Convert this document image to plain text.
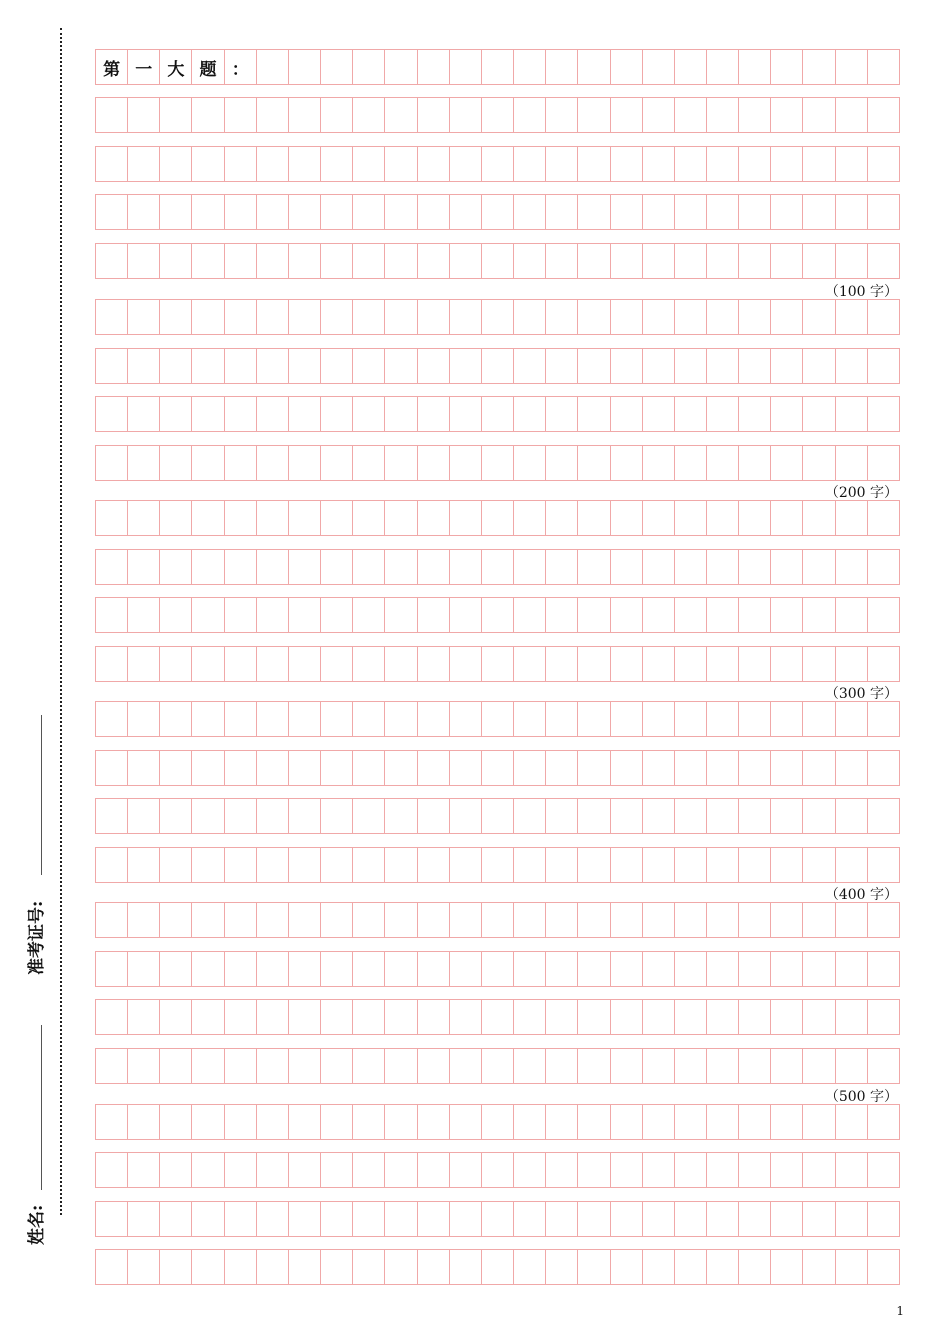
准考证号:
姓名:
第 一 大 题 ：
（100 字）
（200 字）
（300 字）
（400 字）
（500 字）
1
